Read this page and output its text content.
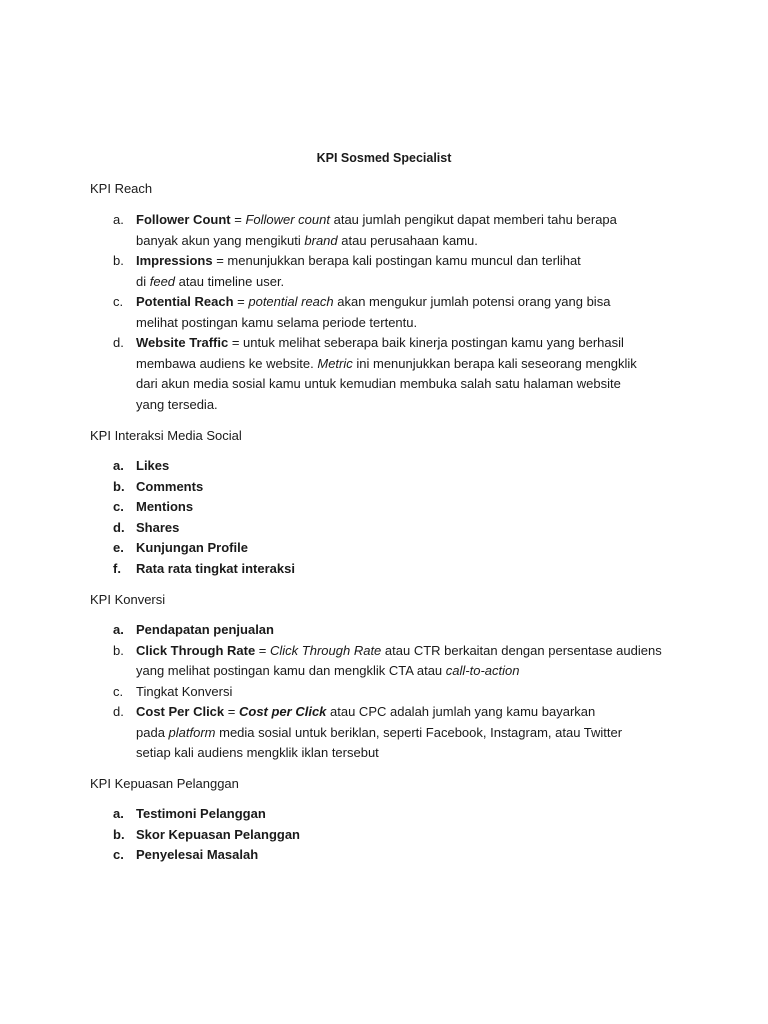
KPI Sosmed Specialist
KPI Reach
a. Follower Count = Follower count atau jumlah pengikut dapat memberi tahu berapa
banyak akun yang mengikuti brand atau perusahaan kamu.
b. Impressions = menunjukkan berapa kali postingan kamu muncul dan terlihat
di feed atau timeline user.
c. Potential Reach = potential reach akan mengukur jumlah potensi orang yang bisa
melihat postingan kamu selama periode tertentu.
d. Website Traffic = untuk melihat seberapa baik kinerja postingan kamu yang berhasil
membawa audiens ke website. Metric ini menunjukkan berapa kali seseorang mengklik
dari akun media sosial kamu untuk kemudian membuka salah satu halaman website
yang tersedia.
KPI Interaksi Media Social
a. Likes
b. Comments
c. Mentions
d. Shares
e. Kunjungan Profile
f. Rata rata tingkat interaksi
KPI Konversi
a. Pendapatan penjualan
b. Click Through Rate = Click Through Rate atau CTR berkaitan dengan persentase audiens
yang melihat postingan kamu dan mengklik CTA atau call-to-action
c. Tingkat Konversi
d. Cost Per Click = Cost per Click atau CPC adalah jumlah yang kamu bayarkan
pada platform media sosial untuk beriklan, seperti Facebook, Instagram, atau Twitter
setiap kali audiens mengklik iklan tersebut
KPI Kepuasan Pelanggan
a. Testimoni Pelanggan
b. Skor Kepuasan Pelanggan
c. Penyelesai Masalah
